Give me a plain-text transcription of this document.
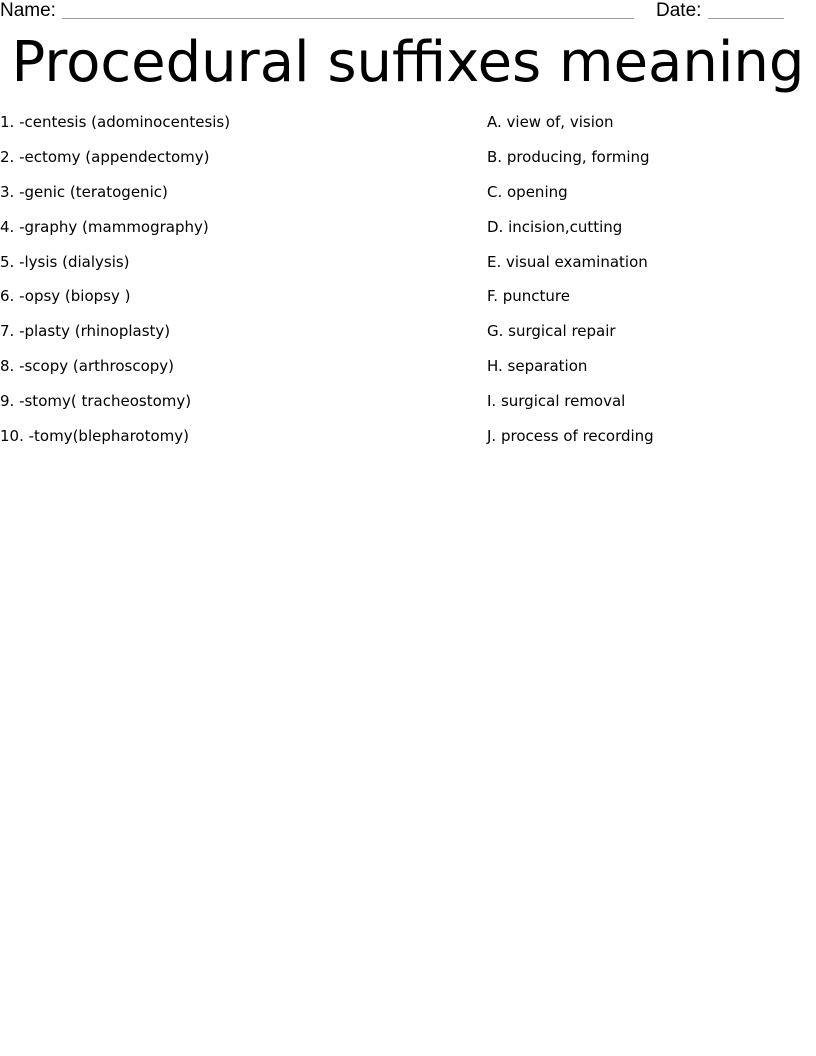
Name:	Date:
Procedural suffixes meaning
1. -centesis (adominocentesis)
2. -ectomy (appendectomy)
3. -genic (teratogenic)
4. -graphy (mammography)
5. -lysis (dialysis)
6. -opsy (biopsy )
7. -plasty (rhinoplasty)
8. -scopy (arthroscopy)
9. -stomy( tracheostomy)
10. -tomy(blepharotomy)
A. view of, vision
B. producing, forming
C. opening
D. incision,cutting
E. visual examination
F. puncture
G. surgical repair
H. separation
I. surgical removal
J. process of recording
